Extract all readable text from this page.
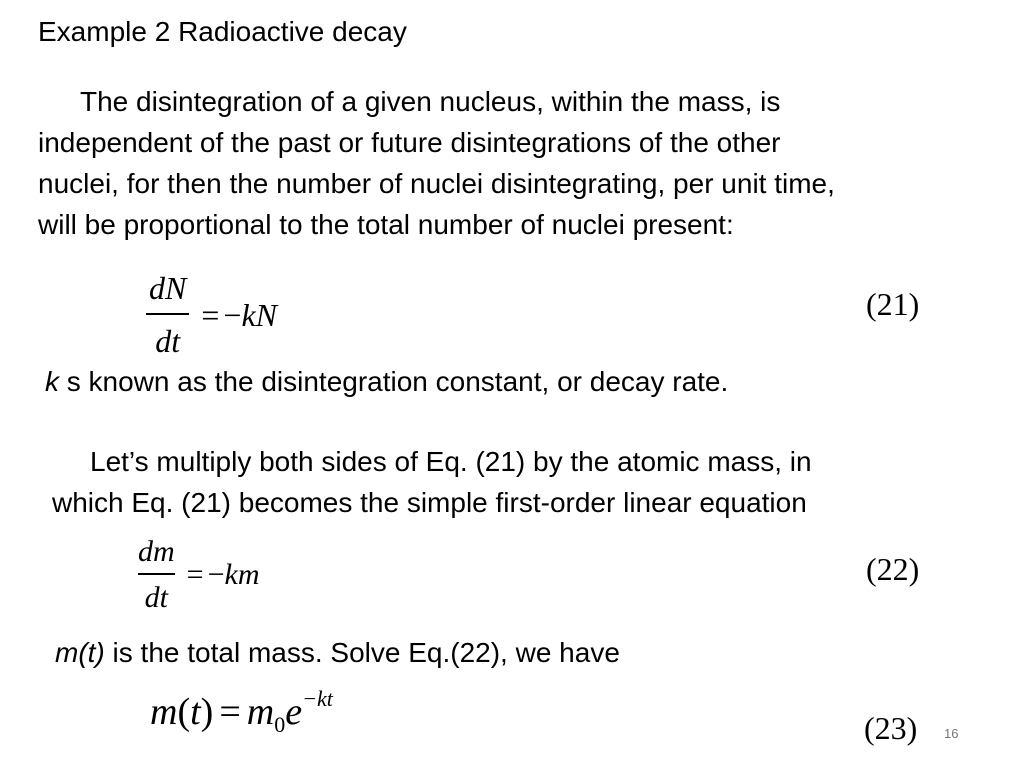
Example 2 Radioactive decay
The disintegration of a given nucleus, within the mass, is
independent of the past or future disintegrations of the other
nuclei, for then the number of nuclei disintegrating, per unit time,
will be proportional to the total number of nuclei present:
$\frac{dN}{dt} = -kN$	(21)
k s known as the disintegration constant, or decay rate.
Let’s multiply both sides of Eq. (21) by the atomic mass, in
which Eq. (21) becomes the simple first-order linear equation
$\frac{dm}{dt} = -km$	(22)
m(t) is the total mass. Solve Eq.(22), we have
$m(t) = m_0e^{-kt}$
(23) 16
